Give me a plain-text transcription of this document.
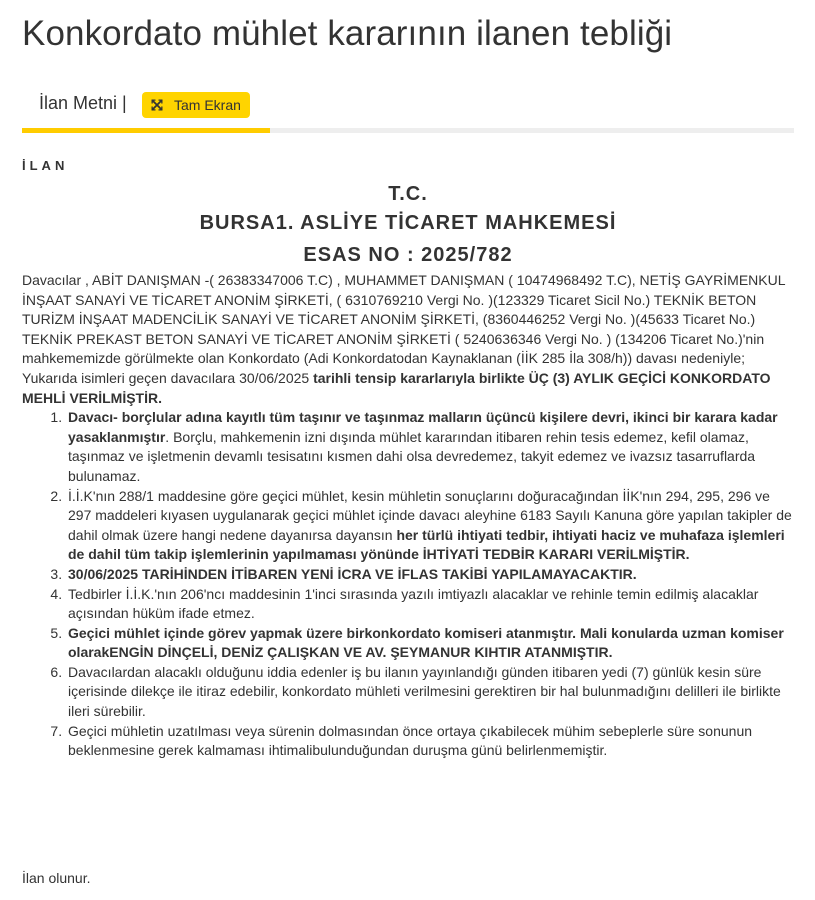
Konkordato mühlet kararının ilanen tebliği
İlan Metni |	Tam Ekran
İLAN
T.C.
BURSA1. ASLİYE TİCARET MAHKEMESİ
ESAS NO : 2025/782

Davacılar , ABİT DANIŞMAN -( 26383347006 T.C) , MUHAMMET DANIŞMAN ( 10474968492 T.C), NETİŞ GAYRİMENKUL İNŞAAT SANAYİ VE TİCARET ANONİM ŞİRKETİ, ( 6310769210 Vergi No. )(123329 Ticaret Sicil No.) TEKNİK BETON TURİZM İNŞAAT MADENCİLİK SANAYİ VE TİCARET ANONİM ŞİRKETİ, (8360446252 Vergi No. )(45633 Ticaret No.) TEKNİK PREKAST BETON SANAYİ VE TİCARET ANONİM ŞİRKETİ ( 5240636346 Vergi No. ) (134206 Ticaret No.)'nin mahkememizde görülmekte olan Konkordato (Adi Konkordatodan Kaynaklanan (İİK 285 İla 308/h)) davası nedeniyle; Yukarıda isimleri geçen davacılara 30/06/2025 tarihli tensip kararlarıyla birlikte ÜÇ (3) AYLIK GEÇİCİ KONKORDATO MEHLİ VERİLMİŞTİR.

1. Davacı- borçlular adına kayıtlı tüm taşınır ve taşınmaz malların üçüncü kişilere devri, ikinci bir karara kadar yasaklanmıştır. Borçlu, mahkemenin izni dışında mühlet kararından itibaren rehin tesis edemez, kefil olamaz, taşınmaz ve işletmenin devamlı tesisatını kısmen dahi olsa devredemez, takyit edemez ve ivazsız tasarruflarda bulunamaz.
2. İ.İ.K'nın 288/1 maddesine göre geçici mühlet, kesin mühletin sonuçlarını doğuracağından İİK'nın 294, 295, 296 ve 297 maddeleri kıyasen uygulanarak geçici mühlet içinde davacı aleyhine 6183 Sayılı Kanuna göre yapılan takipler de dahil olmak üzere hangi nedene dayanırsa dayansın her türlü ihtiyati tedbir, ihtiyati haciz ve muhafaza işlemleri de dahil tüm takip işlemlerinin yapılmaması yönünde İHTİYATİ TEDBİR KARARI VERİLMİŞTİR.
3. 30/06/2025 TARİHİNDEN İTİBAREN YENİ İCRA VE İFLAS TAKİBİ YAPILAMAYACAKTIR.
4. Tedbirler İ.İ.K.'nın 206'ncı maddesinin 1'inci sırasında yazılı imtiyazlı alacaklar ve rehinle temin edilmiş alacaklar açısından hüküm ifade etmez.
5. Geçici mühlet içinde görev yapmak üzere birkonkordato komiseri atanmıştır. Mali konularda uzman komiser olarakENGİN DİNÇELİ, DENİZ ÇALIŞKAN VE AV. ŞEYMANUR KIHTIR ATANMIŞTIR.
6. Davacılardan alacaklı olduğunu iddia edenler iş bu ilanın yayınlandığı günden itibaren yedi (7) günlük kesin süre içerisinde dilekçe ile itiraz edebilir, konkordato mühleti verilmesini gerektiren bir hal bulunmadığını delilleri ile birlikte ileri sürebilir.
7. Geçici mühletin uzatılması veya sürenin dolmasından önce ortaya çıkabilecek mühim sebeplerle süre sonunun beklenmesine gerek kalmaması ihtimalibulunduğundan duruşma günü belirlenmemiştir.
İlan olunur.
